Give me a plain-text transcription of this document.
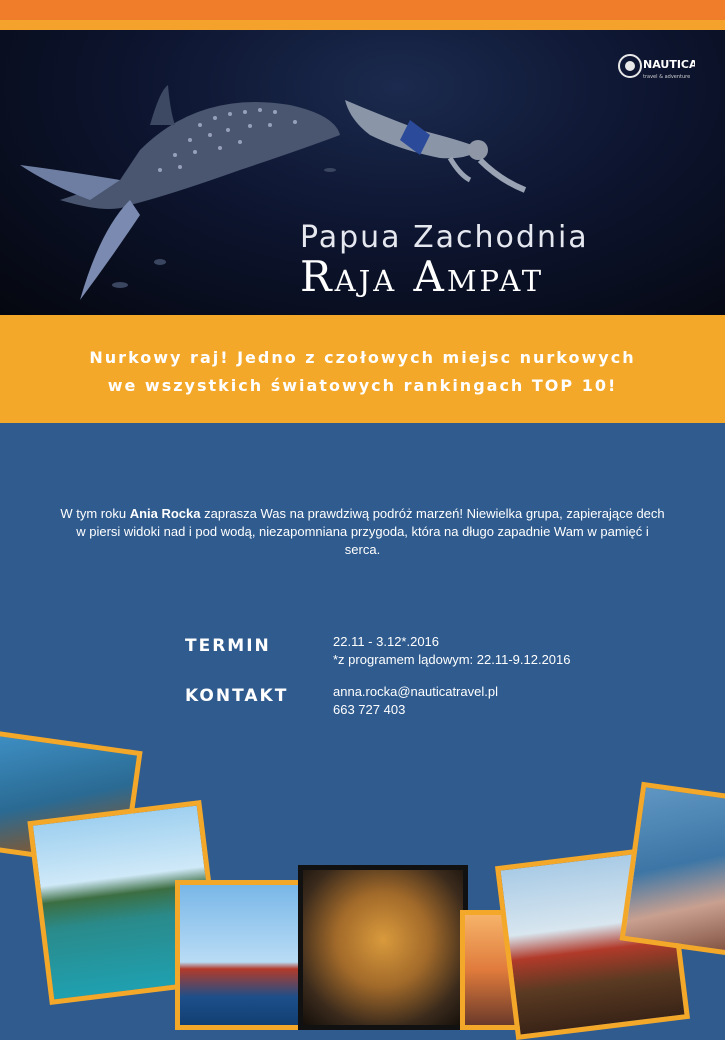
NAUTICA
travel & adventure
Papua Zachodnia
Raja Ampat

Nurkowy raj! Jedno z czołowych miejsc nurkowych

we wszystkich światowych rankingach TOP 10!

W tym roku Ania Rocka zaprasza Was na prawdziwą podróż marzeń! Niewielka grupa, zapierające dech w piersi widoki nad i pod wodą, niezapomniana przygoda, która na długo zapadnie Wam w pamięć i serca.
TERMIN	22.11 - 3.12*.2016
*z programem lądowym: 22.11-9.12.2016
KONTAKT	anna.rocka@nauticatravel.pl
663 727 403
